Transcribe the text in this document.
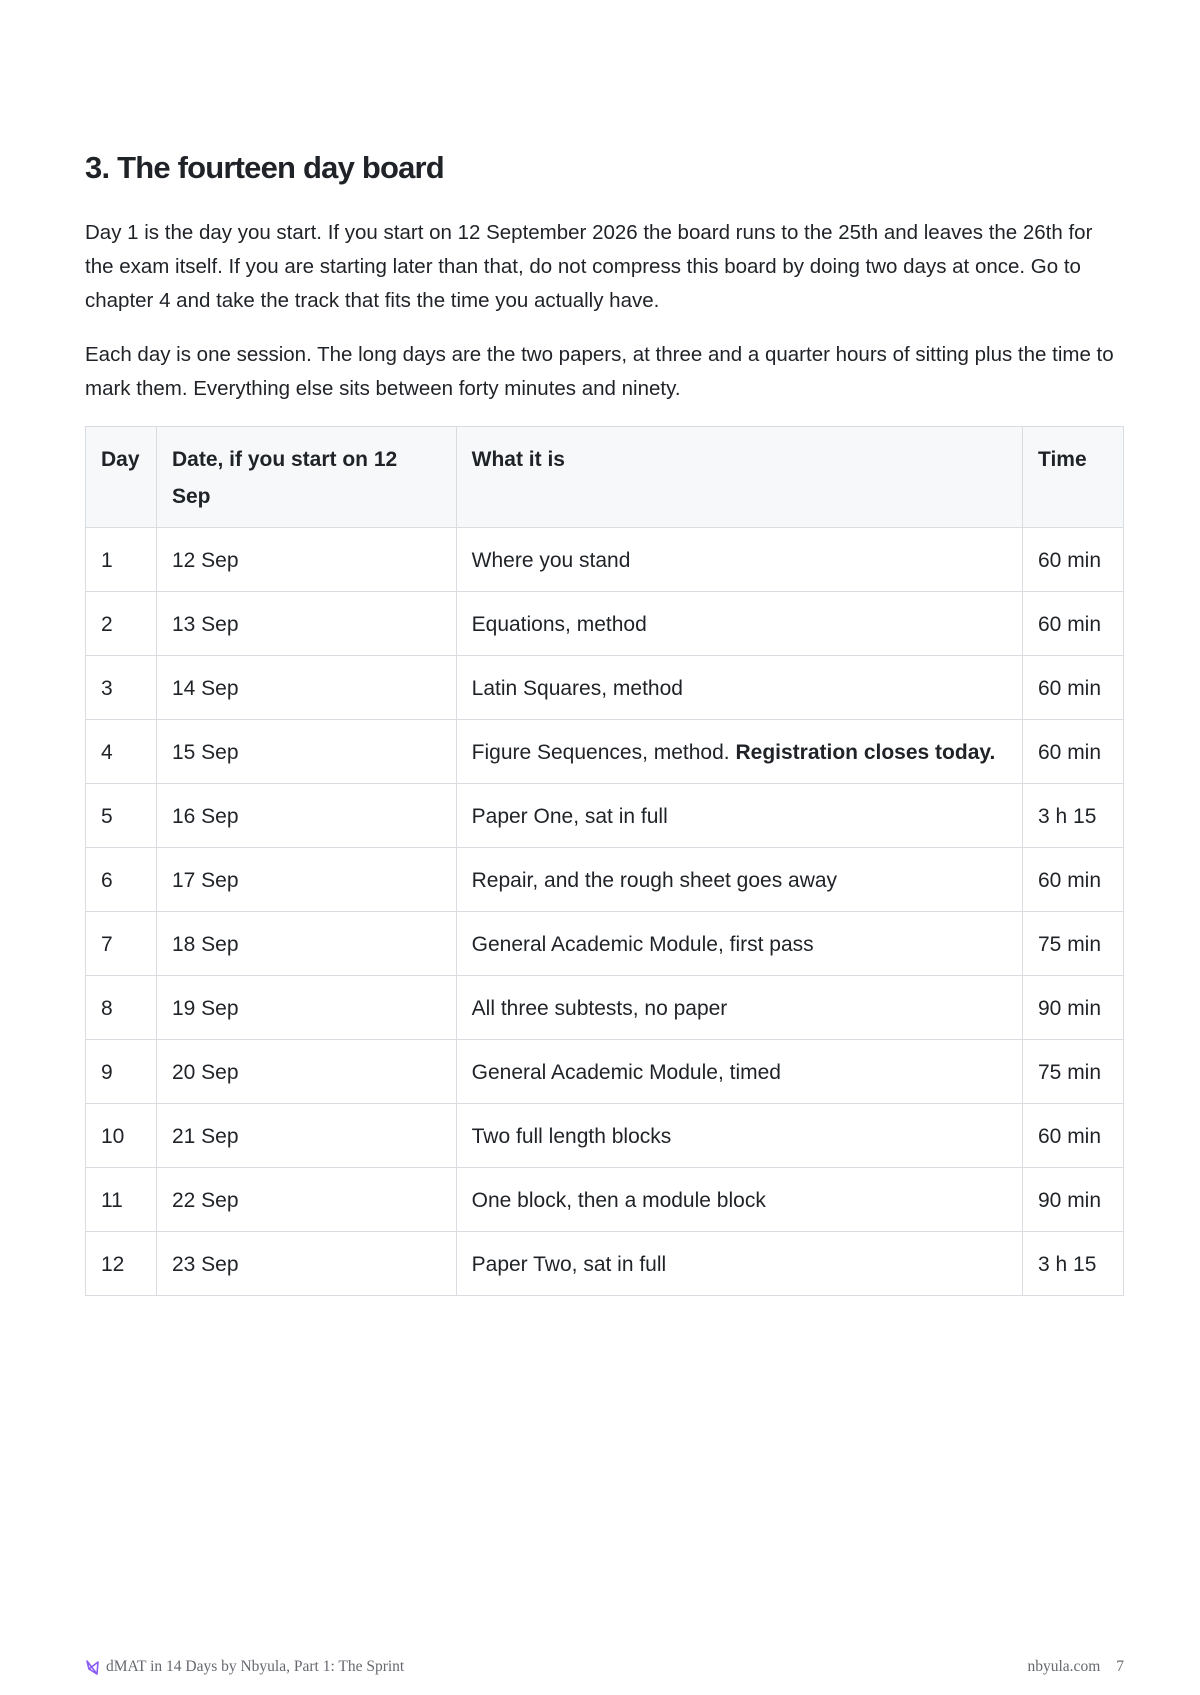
3. The fourteen day board

Day 1 is the day you start. If you start on 12 September 2026 the board runs to the 25th and leaves the 26th for the exam itself. If you are starting later than that, do not compress this board by doing two days at once. Go to chapter 4 and take the track that fits the time you actually have.

Each day is one session. The long days are the two papers, at three and a quarter hours of sitting plus the time to mark them. Everything else sits between forty minutes and ninety.

Day	Date, if you start on 12 Sep	What it is	Time
1	12 Sep	Where you stand	60 min
2	13 Sep	Equations, method	60 min
3	14 Sep	Latin Squares, method	60 min
4	15 Sep	Figure Sequences, method. Registration closes today.	60 min
5	16 Sep	Paper One, sat in full	3 h 15
6	17 Sep	Repair, and the rough sheet goes away	60 min
7	18 Sep	General Academic Module, first pass	75 min
8	19 Sep	All three subtests, no paper	90 min
9	20 Sep	General Academic Module, timed	75 min
10	21 Sep	Two full length blocks	60 min
11	22 Sep	One block, then a module block	90 min
12	23 Sep	Paper Two, sat in full	3 h 15
dMAT in 14 Days by Nbyula, Part 1: The Sprint	nbyula.com 7
